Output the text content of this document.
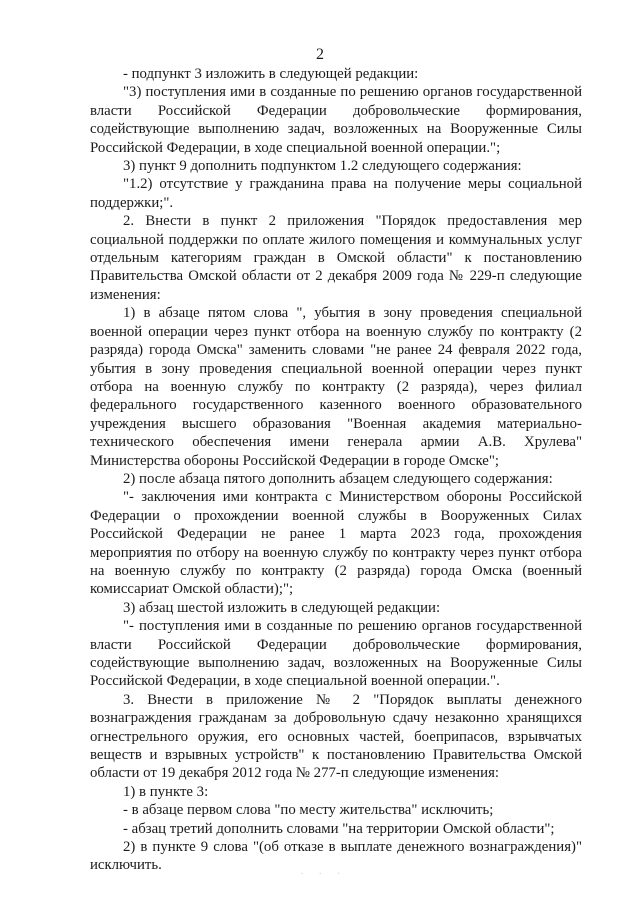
2

- подпункт 3 изложить в следующей редакции:

"3) поступления ими в созданные по решению органов государственной власти Российской Федерации добровольческие формирования, содействующие выполнению задач, возложенных на Вооруженные Силы Российской Федерации, в ходе специальной военной операции.";

3) пункт 9 дополнить подпунктом 1.2 следующего содержания:

"1.2) отсутствие у гражданина права на получение меры социальной поддержки;".

2. Внести в пункт 2 приложения "Порядок предоставления мер социальной поддержки по оплате жилого помещения и коммунальных услуг отдельным категориям граждан в Омской области" к постановлению Правительства Омской области от 2 декабря 2009 года № 229-п следующие изменения:

1) в абзаце пятом слова ", убытия в зону проведения специальной военной операции через пункт отбора на военную службу по контракту (2 разряда) города Омска" заменить словами "не ранее 24 февраля 2022 года, убытия в зону проведения специальной военной операции через пункт отбора на военную службу по контракту (2 разряда), через филиал федерального государственного казенного военного образовательного учреждения высшего образования "Военная академия материально-технического обеспечения имени генерала армии А.В. Хрулева" Министерства обороны Российской Федерации в городе Омске";

2) после абзаца пятого дополнить абзацем следующего содержания:

"- заключения ими контракта с Министерством обороны Российской Федерации о прохождении военной службы в Вооруженных Силах Российской Федерации не ранее 1 марта 2023 года, прохождения мероприятия по отбору на военную службу по контракту через пункт отбора на военную службу по контракту (2 разряда) города Омска (военный комиссариат Омской области);";

3) абзац шестой изложить в следующей редакции:

"- поступления ими в созданные по решению органов государственной власти Российской Федерации добровольческие формирования, содействующие выполнению задач, возложенных на Вооруженные Силы Российской Федерации, в ходе специальной военной операции.".

3. Внести в приложение № 2 "Порядок выплаты денежного вознаграждения гражданам за добровольную сдачу незаконно хранящихся огнестрельного оружия, его основных частей, боеприпасов, взрывчатых веществ и взрывных устройств" к постановлению Правительства Омской области от 19 декабря 2012 года № 277-п следующие изменения:

1) в пункте 3:

- в абзаце первом слова "по месту жительства" исключить;

- абзац третий дополнить словами "на территории Омской области";

2) в пункте 9 слова "(об отказе в выплате денежного вознаграждения)" исключить.

· · ·
